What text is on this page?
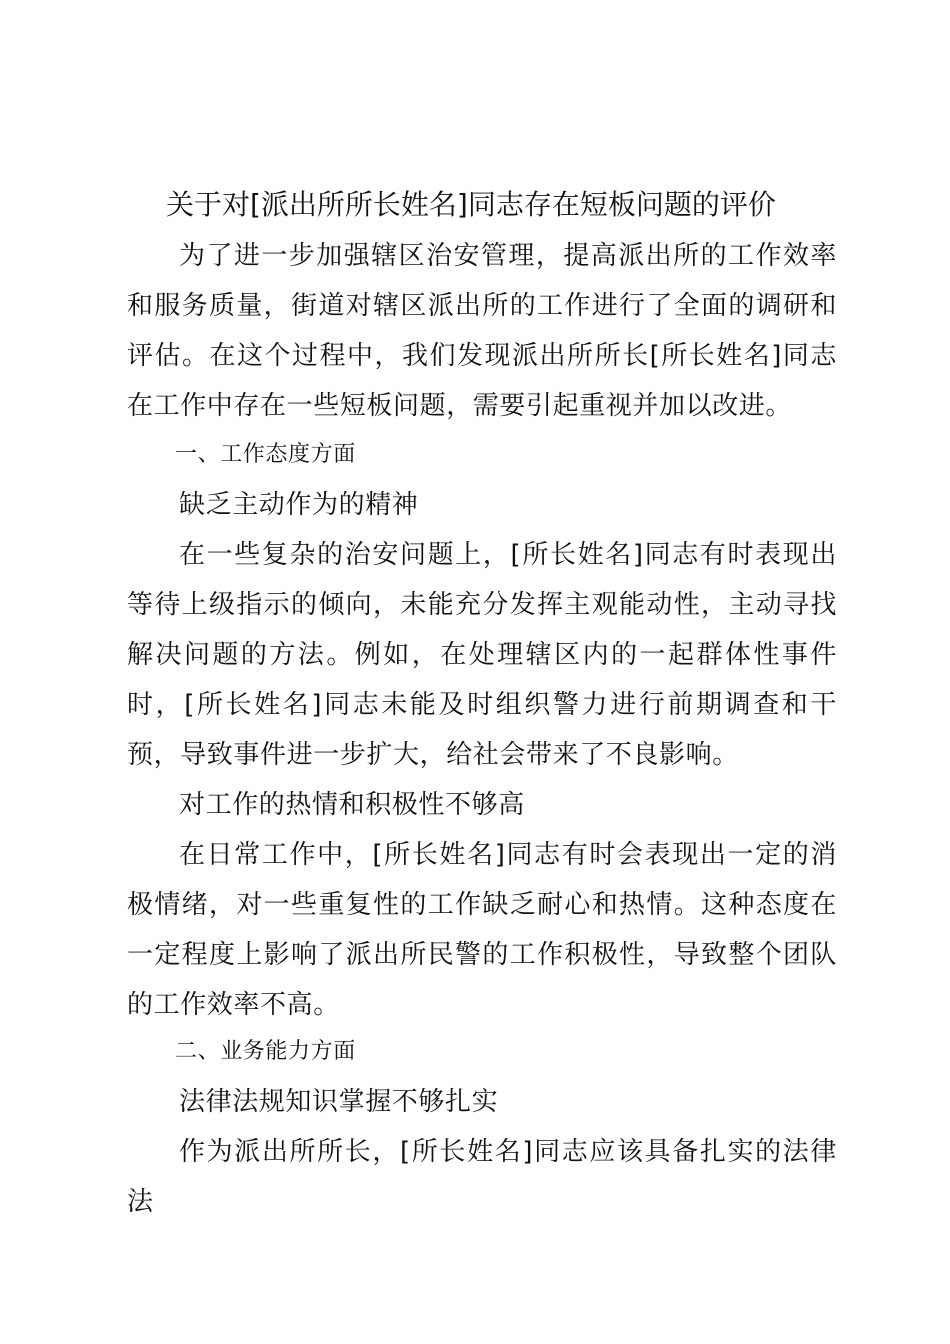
关于对[派出所所长姓名]同志存在短板问题的评价

为了进一步加强辖区治安管理，提高派出所的工作效率和服务质量，街道对辖区派出所的工作进行了全面的调研和评估。在这个过程中，我们发现派出所所长[所长姓名]同志在工作中存在一些短板问题，需要引起重视并加以改进。

一、工作态度方面

缺乏主动作为的精神

在一些复杂的治安问题上，[所长姓名]同志有时表现出等待上级指示的倾向，未能充分发挥主观能动性，主动寻找解决问题的方法。例如，在处理辖区内的一起群体性事件时，[所长姓名]同志未能及时组织警力进行前期调查和干预，导致事件进一步扩大，给社会带来了不良影响。

对工作的热情和积极性不够高

在日常工作中，[所长姓名]同志有时会表现出一定的消极情绪，对一些重复性的工作缺乏耐心和热情。这种态度在一定程度上影响了派出所民警的工作积极性，导致整个团队的工作效率不高。

二、业务能力方面

法律法规知识掌握不够扎实

作为派出所所长，[所长姓名]同志应该具备扎实的法律法
